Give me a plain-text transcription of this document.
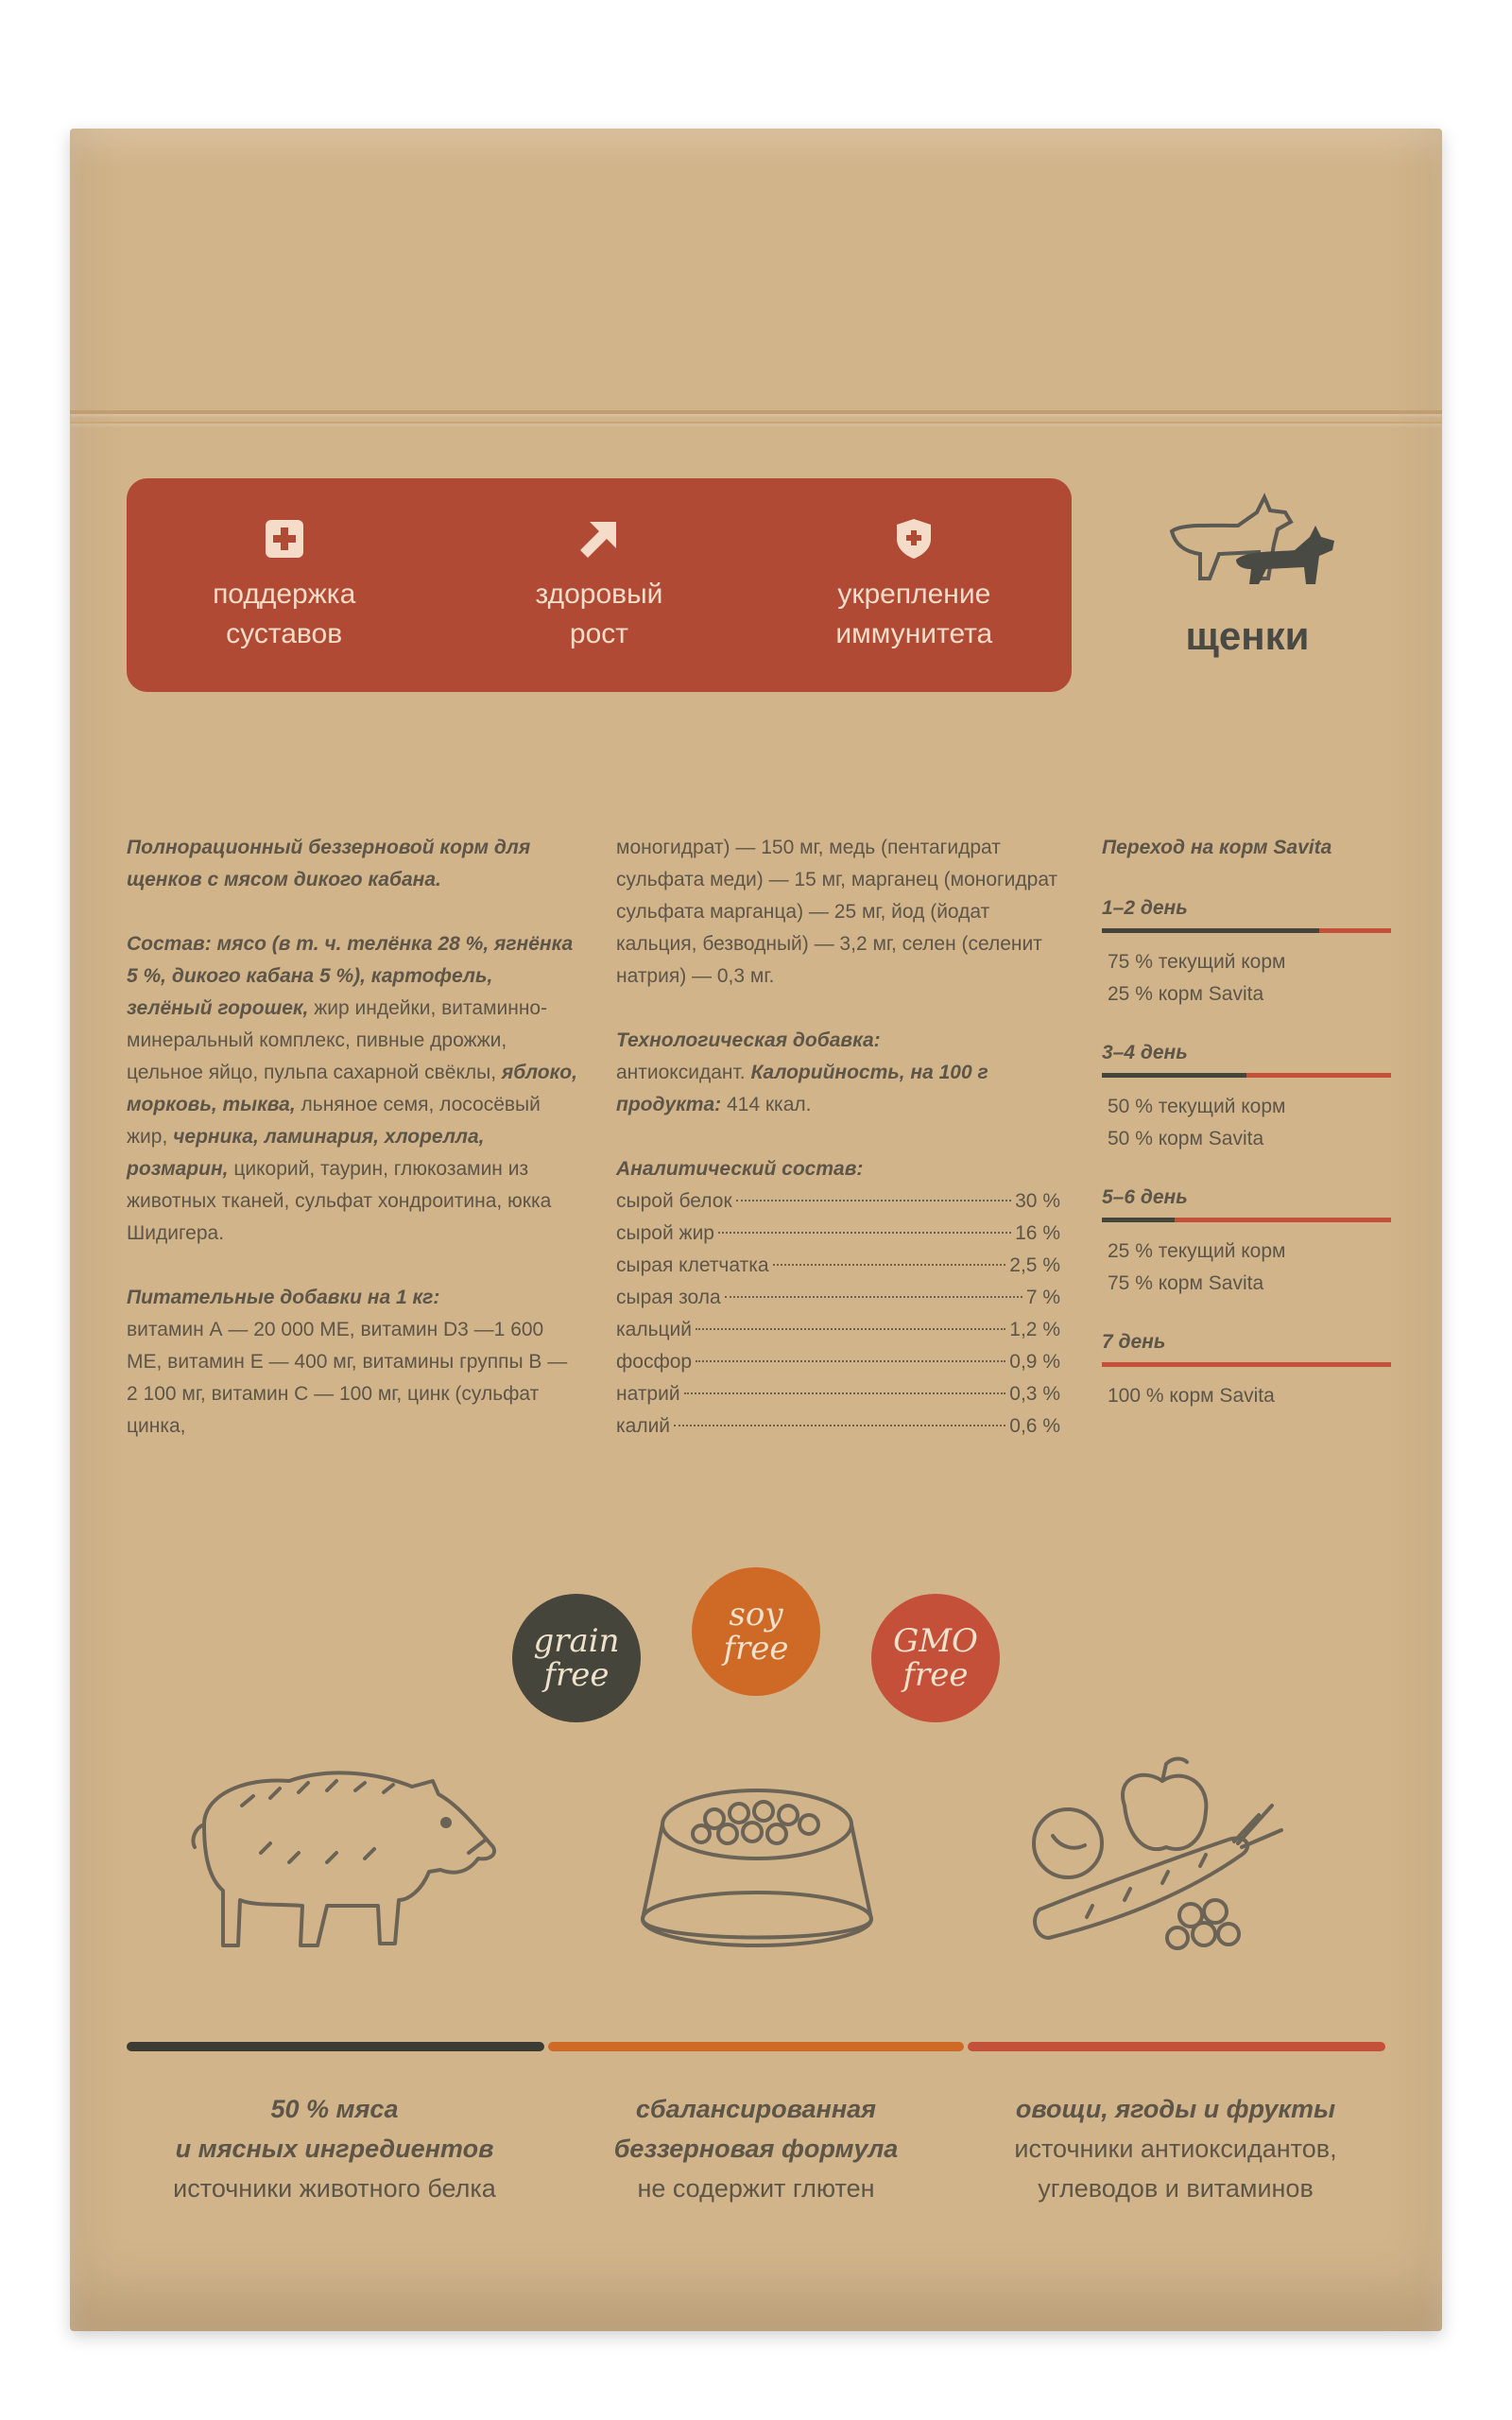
поддержка
суставов
здоровый
рост
укрепление
иммунитета	щенки

Полнорационный беззерновой корм для щенков с мясом дикого кабана.

Состав: мясо (в т. ч. телёнка 28 %, ягнёнка 5 %, дикого кабана 5 %), картофель, зелёный горошек, жир индейки, витаминно-минеральный комплекс, пивные дрожжи, цельное яйцо, пульпа сахарной свёклы, яблоко, морковь, тыква, льняное семя, лососёвый жир, черника, ламинария, хлорелла, розмарин, цикорий, таурин, глюкозамин из животных тканей, сульфат хондроитина, юкка Шидигера.

Питательные добавки на 1 кг:
витамин А — 20 000 МЕ, витамин D3 —1 600 МЕ, витамин Е — 400 мг, витамины группы В — 2 100 мг, витамин С — 100 мг, цинк (сульфат цинка,

моногидрат) — 150 мг, медь (пентагидрат сульфата меди) — 15 мг, марганец (моногидрат сульфата марганца) — 25 мг, йод (йодат кальция, безводный) — 3,2 мг, селен (селенит натрия) — 0,3 мг.

Технологическая добавка:
антиоксидант. Калорийность, на 100 г продукта: 414 ккал.

Аналитический состав:
сырой белок	30 %
сырой жир	16 %
сырая клетчатка	2,5 %
сырая зола	7 %
кальций	1,2 %
фосфор	0,9 %
натрий	0,3 %
калий	0,6 %
Переход на корм Savita
1–2 день
75 % текущий корм
25 % корм Savita
3–4 день
50 % текущий корм
50 % корм Savita
5–6 день
25 % текущий корм
75 % корм Savita
7 день
100 % корм Savita
grain
free
soy
free	GMO
free
50 % мяса
и мясных ингредиентов
источники животного белка
сбалансированная
беззерновая формула
не содержит глютен
овощи, ягоды и фрукты
источники антиоксидантов,
углеводов и витаминов
